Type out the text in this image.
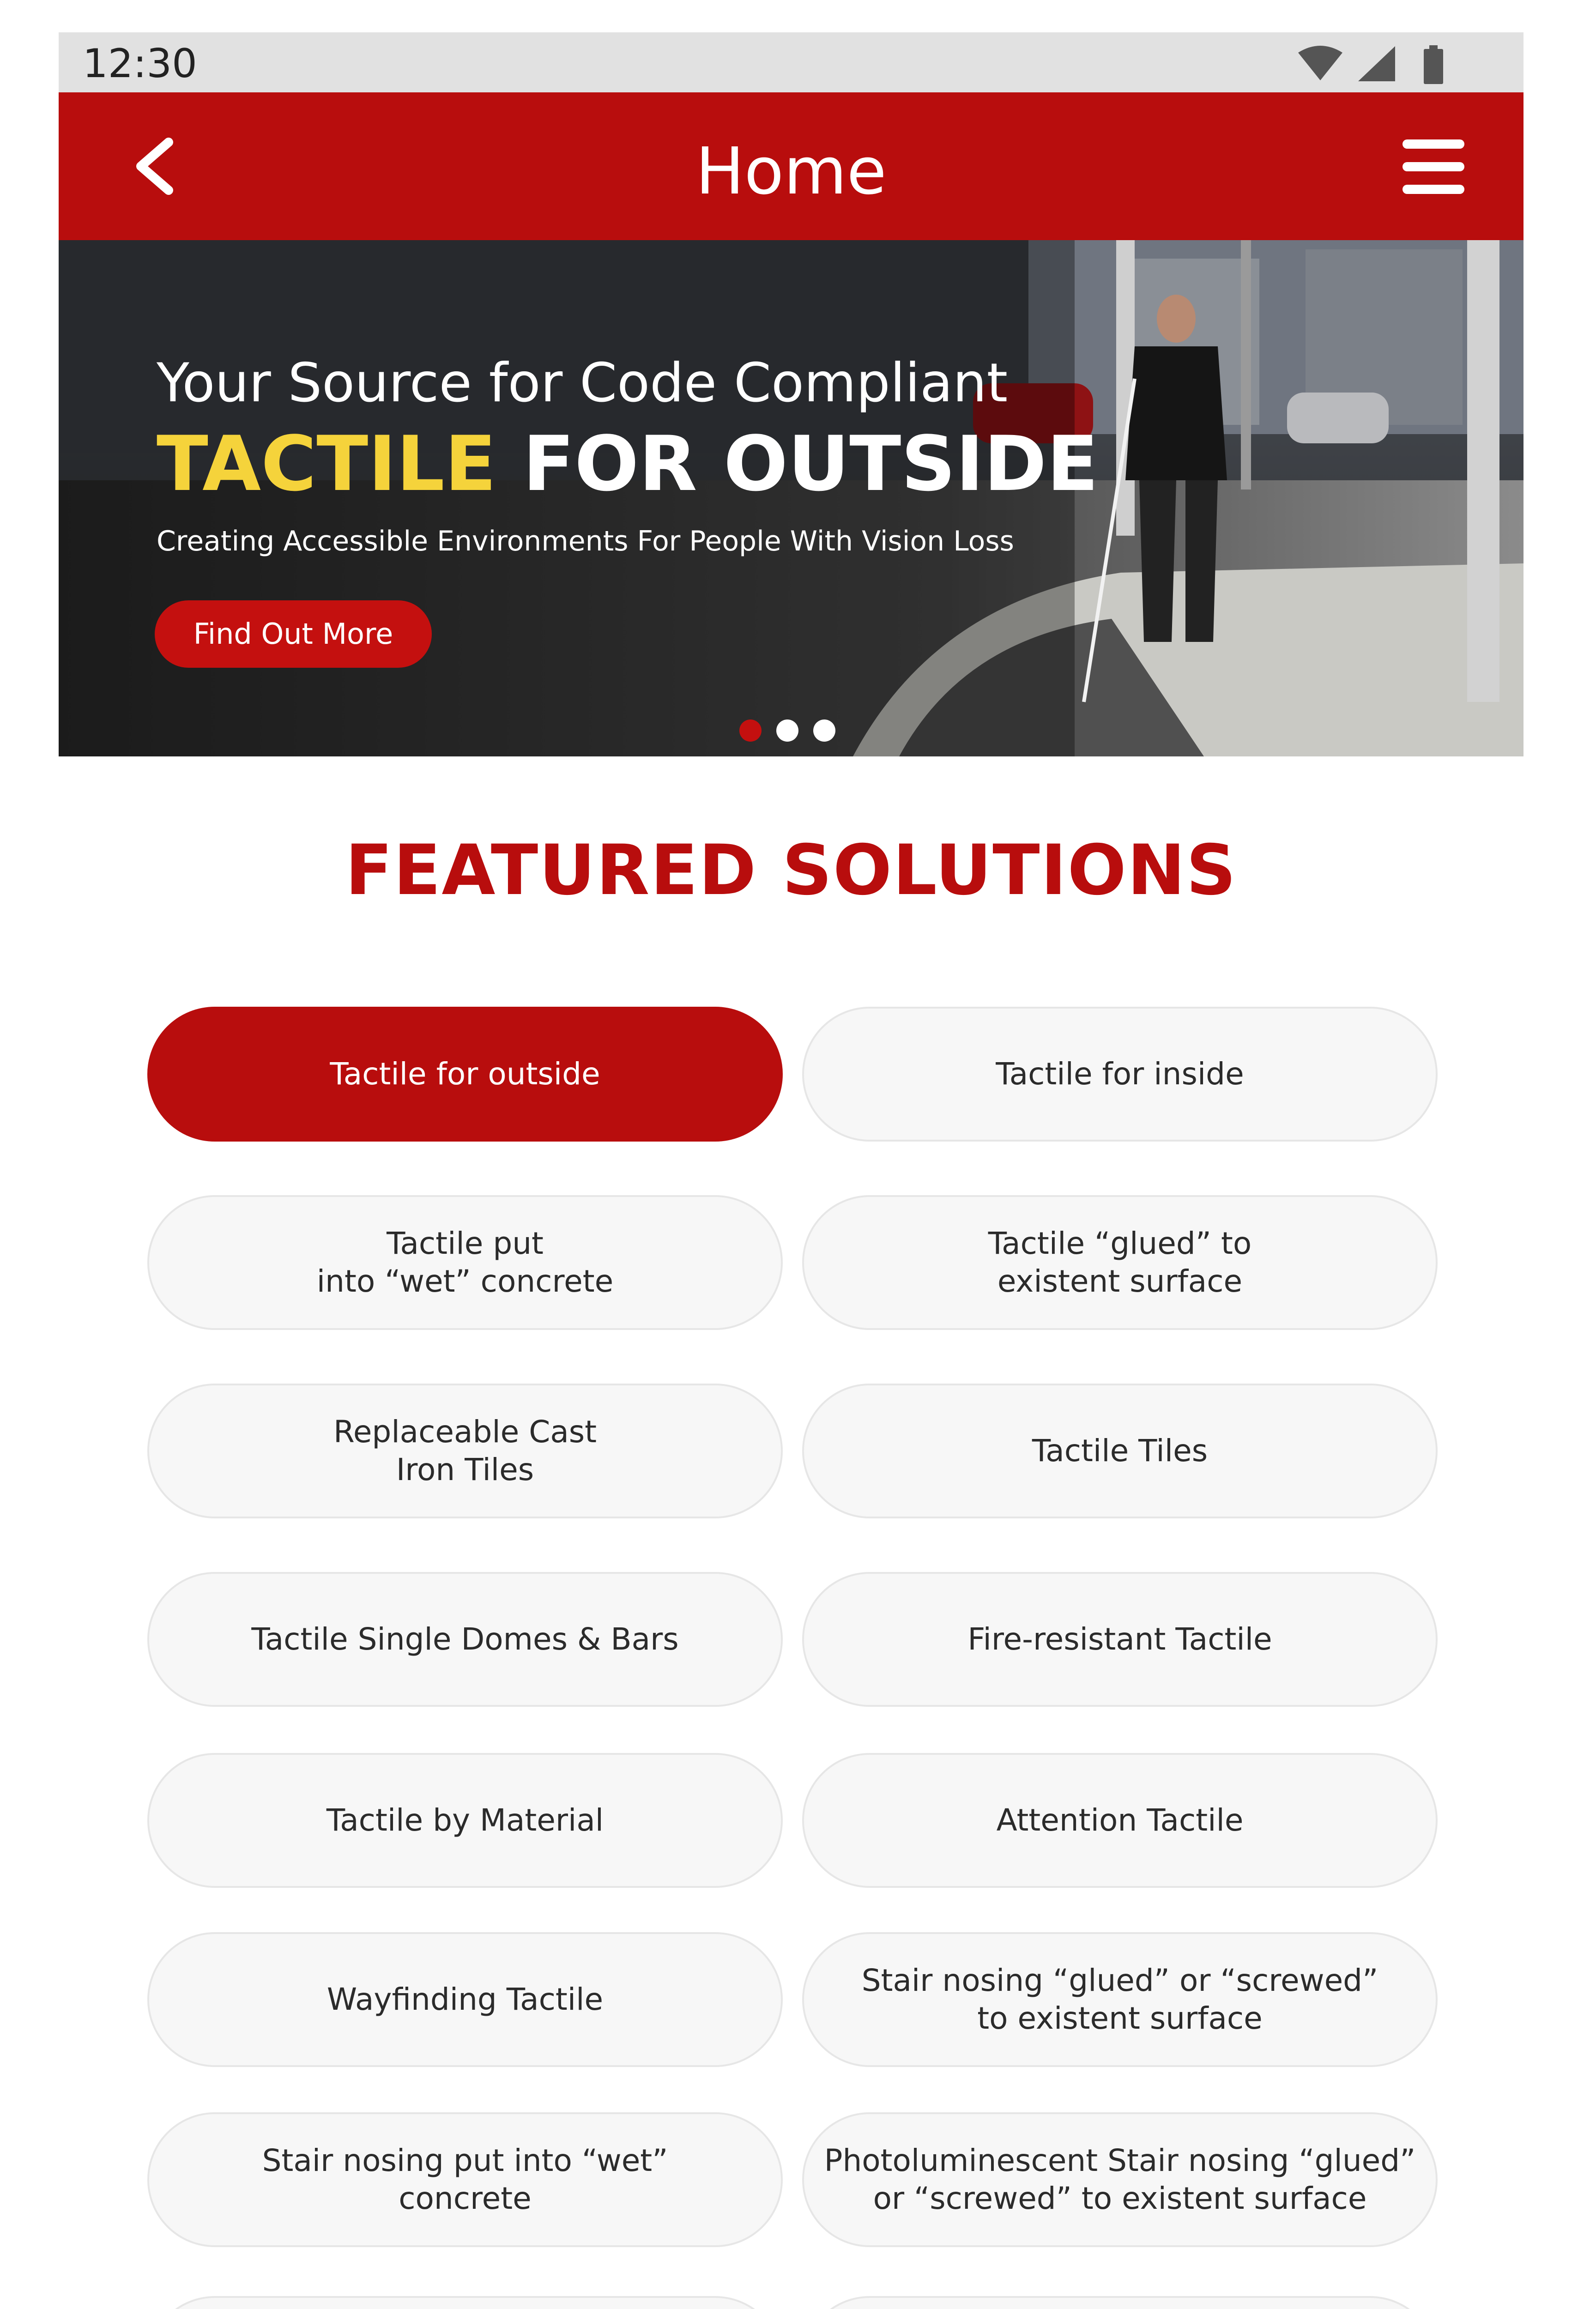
12:30
Home
Your Source for Code Compliant
TACTILE FOR OUTSIDE
Creating Accessible Environments For People With Vision Loss
Find Out More
FEATURED SOLUTIONS
Tactile for outside	Tactile for inside
Tactile put
into “wet” concrete
Tactile “glued” to
existent surface
Replaceable Cast
Iron Tiles
Tactile Tiles
Tactile Single Domes & Bars	Fire-resistant Tactile
Tactile by Material	Attention Tactile
Wayfinding Tactile
Stair nosing “glued” or “screwed”
to existent surface
Stair nosing put into “wet”
concrete
Photoluminescent Stair nosing “glued”
or “screwed” to existent surface
